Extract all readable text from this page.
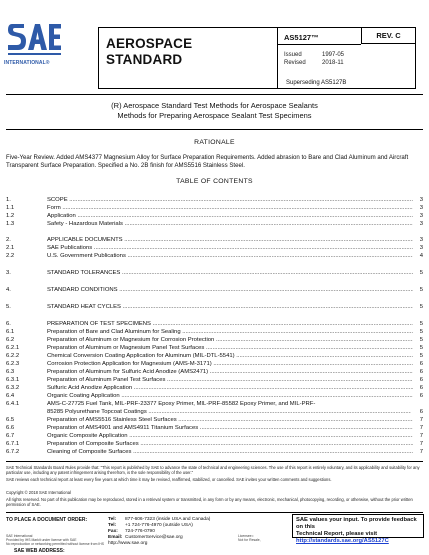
INTERNATIONAL®
AEROSPACE
STANDARD
AS5127™
Issued	1997-05
Revised	2018-11
REV. C
Superseding AS5127B
(R) Aerospace Standard Test Methods for Aerospace Sealants
Methods for Preparing Aerospace Sealant Test Specimens
RATIONALE
Five-Year Review. Added AMS4377 Magnesium Alloy for Surface Preparation Requirements. Added abrasion to Bare and Clad Aluminum and Aircraft Transparent Surface Preparation. Specified a No. 2B finish for AMS5516 Stainless Steel.
TABLE OF CONTENTS
1.	SCOPE .....	3
1.1	Form .....	3
1.2	Application .....	3
1.3	Safety - Hazardous Materials .....	3
2.	APPLICABLE DOCUMENTS .....	3
2.1	SAE Publications .....	3
2.2	U.S. Government Publications .....	4
3.	STANDARD TOLERANCES .....	5
4.	STANDARD CONDITIONS .....	5
5.	STANDARD HEAT CYCLES .....	5
6.	PREPARATION OF TEST SPECIMENS .....	5
6.1	Preparation of Bare and Clad Aluminum for Sealing .....	5
6.2	Preparation of Aluminum or Magnesium for Corrosion Protection .....	5
6.2.1	Preparation of Aluminum or Magnesium Panel Test Surfaces .....	5
6.2.2	Chemical Conversion Coating Application for Aluminum (MIL-DTL-5541) .....	5
6.2.3	Corrosion Protection Application for Magnesium (AMS-M-3171) .....	6
6.3	Preparation of Aluminum for Sulfuric Acid Anodize (AMS2471) .....	6
6.3.1	Preparation of Aluminum Panel Test Surfaces .....	6
6.3.2	Sulfuric Acid Anodize Application .....	6
6.4	Organic Coating Application .....	6
6.4.1	AMS-C-27725 Fuel Tank, MIL-PRF-23377 Epoxy Primer, MIL-PRF-85582 Epoxy Primer, and MIL-PRF-
85285 Polyurethane Topcoat Coatings .....	6
6.5	Preparation of AMS5516 Stainless Steel Surfaces .....	7
6.6	Preparation of AMS4901 and AMS4911 Titanium Surfaces .....	7
6.7	Organic Composite Application .....	7
6.7.1	Preparation of Composite Surfaces .....	7
6.7.2	Cleaning of Composite Surfaces .....	7
SAE Technical Standards Board Rules provide that: "This report is published by SAE to advance the state of technical and engineering sciences. The use of this report is entirely voluntary, and its applicability and suitability for any particular use, including any patent infringement arising therefrom, is the sole responsibility of the user."
SAE reviews each technical report at least every five years at which time it may be revised, reaffirmed, stabilized, or cancelled. SAE invites your written comments and suggestions.
Copyright © 2018 SAE International
All rights reserved. No part of this publication may be reproduced, stored in a retrieval system or transmitted, in any form or by any means, electronic, mechanical, photocopying, recording, or otherwise, without the prior written permission of SAE.
TO PLACE A DOCUMENT ORDER:	Tel: 877-606-7323 (inside USA and Canada)
Tel: +1 724-776-4970 (outside USA)
Fax: 724-776-0790
Email: CustomerService@sae.org
http://www.sae.org
SAE values your input. To provide feedback on this
Technical Report, please visit
http://standards.sae.org/AS5127C
SAE International
Provided by IHS Markit under license with SAE
No reproduction or networking permitted without license from IHS
Licensee=
Not for Resale,
SAE WEB ADDRESS:
